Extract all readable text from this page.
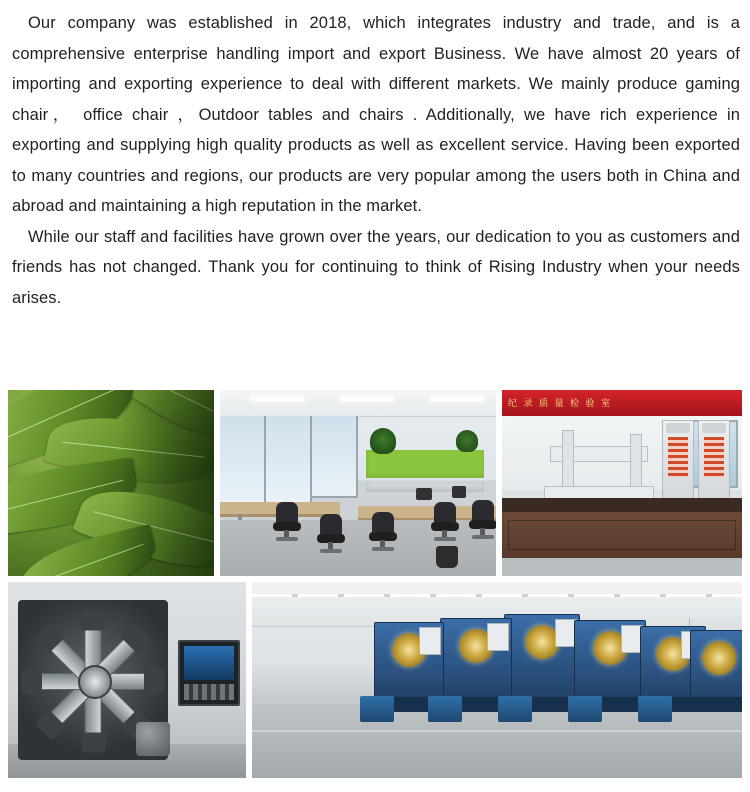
Our company was established in 2018, which integrates industry and trade, and is a comprehensive enterprise handling import and export Business. We have almost 20 years of importing and exporting experience to deal with different markets. We mainly produce gaming chair， office chair ，Outdoor tables and chairs . Additionally, we have rich experience in exporting and supplying high quality products as well as excellent service. Having been exported to many countries and regions, our products are very popular among the users both in China and abroad and maintaining a high reputation in the market.

While our staff and facilities have grown over the years, our dedication to you as customers and friends has not changed. Thank you for continuing to think of Rising Industry when your needs arises.

纪 录 质 量 检 验 室
